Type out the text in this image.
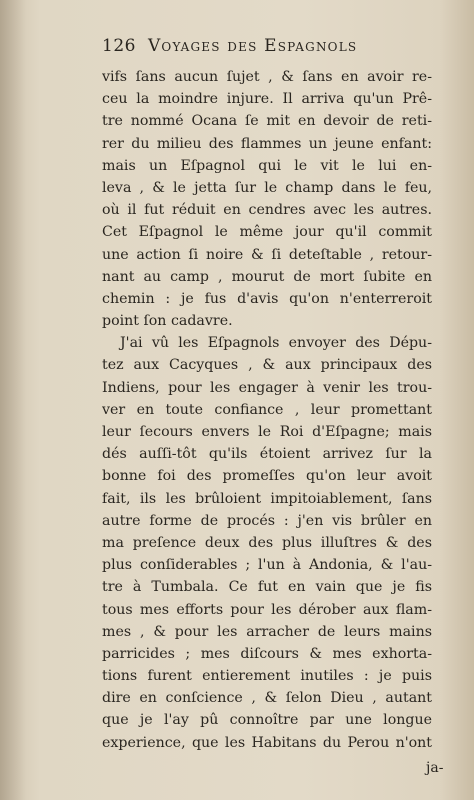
126 Voyages des Espagnols
vifs ſans aucun ſujet , & ſans en avoir re-
ceu la moindre injure. Il arriva qu'un Prê-
tre nommé Ocana ſe mit en devoir de reti-
rer du milieu des flammes un jeune enfant:
mais un Eſpagnol qui le vit le lui en-
leva , & le jetta ſur le champ dans le feu,
où il fut réduit en cendres avec les autres.
Cet Eſpagnol le même jour qu'il commit
une action ſi noire & ſi deteſtable , retour-
nant au camp , mourut de mort ſubite en
chemin : je fus d'avis qu'on n'enterreroit
point ſon cadavre.
J'ai vû les Eſpagnols envoyer des Dépu-
tez aux Cacyques , & aux principaux des
Indiens, pour les engager à venir les trou-
ver en toute confiance , leur promettant
leur ſecours envers le Roi d'Eſpagne; mais
dés auſſi-tôt qu'ils étoient arrivez ſur la
bonne foi des promeſſes qu'on leur avoit
fait, ils les brûloient impitoiablement, ſans
autre forme de procés : j'en vis brûler en
ma preſence deux des plus illuſtres & des
plus conſiderables ; l'un à Andonia, & l'au-
tre à Tumbala. Ce fut en vain que je fis
tous mes efforts pour les dérober aux flam-
mes , & pour les arracher de leurs mains
parricides ; mes diſcours & mes exhorta-
tions furent entierement inutiles : je puis
dire en conſcience , & ſelon Dieu , autant
que je l'ay pû connoître par une longue
experience, que les Habitans du Perou n'ont
ja-
